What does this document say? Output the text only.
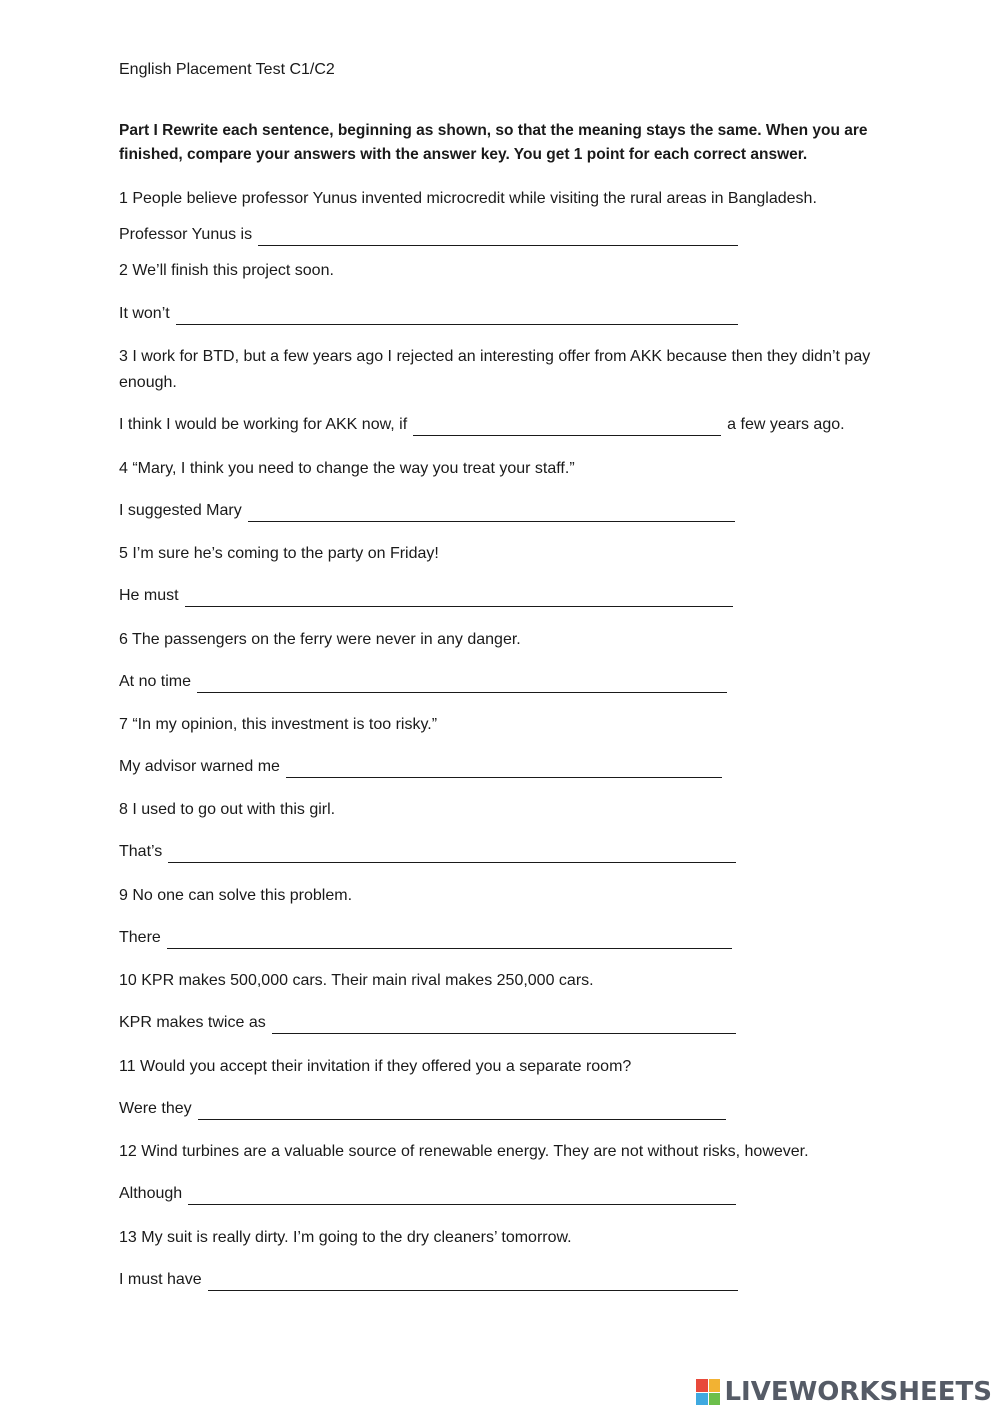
English Placement Test C1/C2
Part I Rewrite each sentence, beginning as shown, so that the meaning stays the same. When you are finished, compare your answers with the answer key. You get 1 point for each correct answer.
1 People believe professor Yunus invented microcredit while visiting the rural areas in Bangladesh.
Professor Yunus is
2 We’ll finish this project soon.
It won’t
3 I work for BTD, but a few years ago I rejected an interesting offer from AKK because then they didn’t pay enough.
I think I would be working for AKK now, if	a few years ago.
4 “Mary, I think you need to change the way you treat your staff.”
I suggested Mary
5 I’m sure he’s coming to the party on Friday!
He must
6 The passengers on the ferry were never in any danger.
At no time
7 “In my opinion, this investment is too risky.”
My advisor warned me
8 I used to go out with this girl.
That’s
9 No one can solve this problem.
There
10 KPR makes 500,000 cars. Their main rival makes 250,000 cars.
KPR makes twice as
11 Would you accept their invitation if they offered you a separate room?
Were they
12 Wind turbines are a valuable source of renewable energy. They are not without risks, however.
Although
13 My suit is really dirty. I’m going to the dry cleaners’ tomorrow.
I must have
LIVEWORKSHEETS
